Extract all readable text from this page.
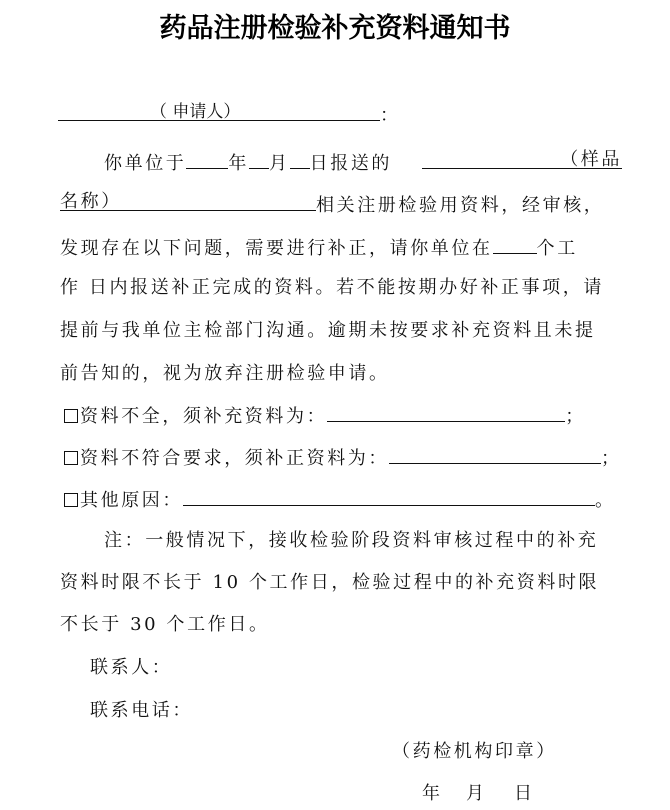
药品注册检验补充资料通知书
（ 申请人）	：
你单位于 年 月 日报送的	（样品
名称）	相关注册检验用资料，经审核，
发现存在以下问题，需要进行补正，请你单位在 个工
作 日内报送补正完成的资料。若不能按期办好补正事项，请
提前与我单位主检部门沟通。逾期未按要求补充资料且未提
前告知的，视为放弃注册检验申请。
资料不全，须补充资料为：	；
资料不符合要求，须补正资料为：	；
其他原因：	。
注：一般情况下，接收检验阶段资料审核过程中的补充
资料时限不长于 10 个工作日，检验过程中的补充资料时限
不长于 30 个工作日。
联系人：
联系电话：
（药检机构印章）
年 月 日
